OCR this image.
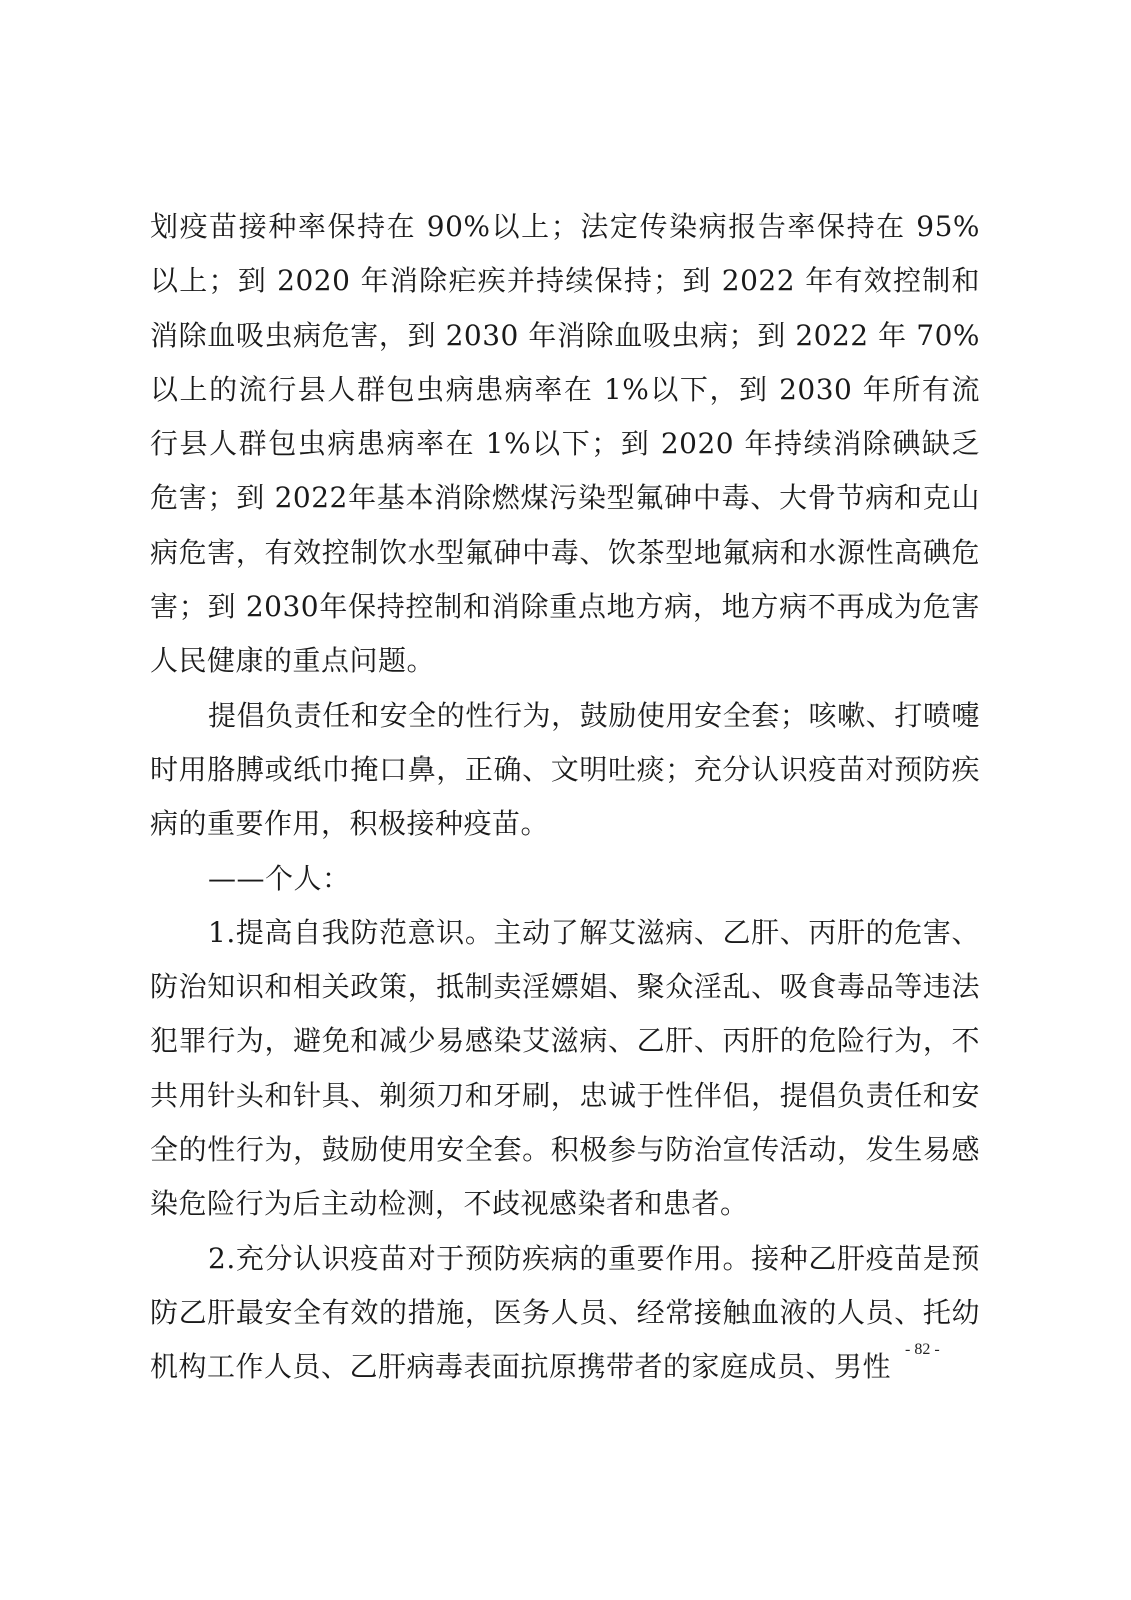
划疫苗接种率保持在 90%以上；法定传染病报告率保持在 95%以上；到 2020 年消除疟疾并持续保持；到 2022 年有效控制和消除血吸虫病危害，到 2030 年消除血吸虫病；到 2022 年 70%以上的流行县人群包虫病患病率在 1%以下，到 2030 年所有流行县人群包虫病患病率在 1%以下；到 2020 年持续消除碘缺乏危害；到 2022年基本消除燃煤污染型氟砷中毒、大骨节病和克山病危害，有效控制饮水型氟砷中毒、饮茶型地氟病和水源性高碘危害；到 2030年保持控制和消除重点地方病，地方病不再成为危害人民健康的重点问题。

提倡负责任和安全的性行为，鼓励使用安全套；咳嗽、打喷嚏时用胳膊或纸巾掩口鼻，正确、文明吐痰；充分认识疫苗对预防疾病的重要作用，积极接种疫苗。

——个人：

1.提高自我防范意识。主动了解艾滋病、乙肝、丙肝的危害、防治知识和相关政策，抵制卖淫嫖娼、聚众淫乱、吸食毒品等违法犯罪行为，避免和减少易感染艾滋病、乙肝、丙肝的危险行为，不共用针头和针具、剃须刀和牙刷，忠诚于性伴侣，提倡负责任和安全的性行为，鼓励使用安全套。积极参与防治宣传活动，发生易感染危险行为后主动检测，不歧视感染者和患者。

2.充分认识疫苗对于预防疾病的重要作用。接种乙肝疫苗是预防乙肝最安全有效的措施，医务人员、经常接触血液的人员、托幼机构工作人员、乙肝病毒表面抗原携带者的家庭成员、男性

- 82 -
